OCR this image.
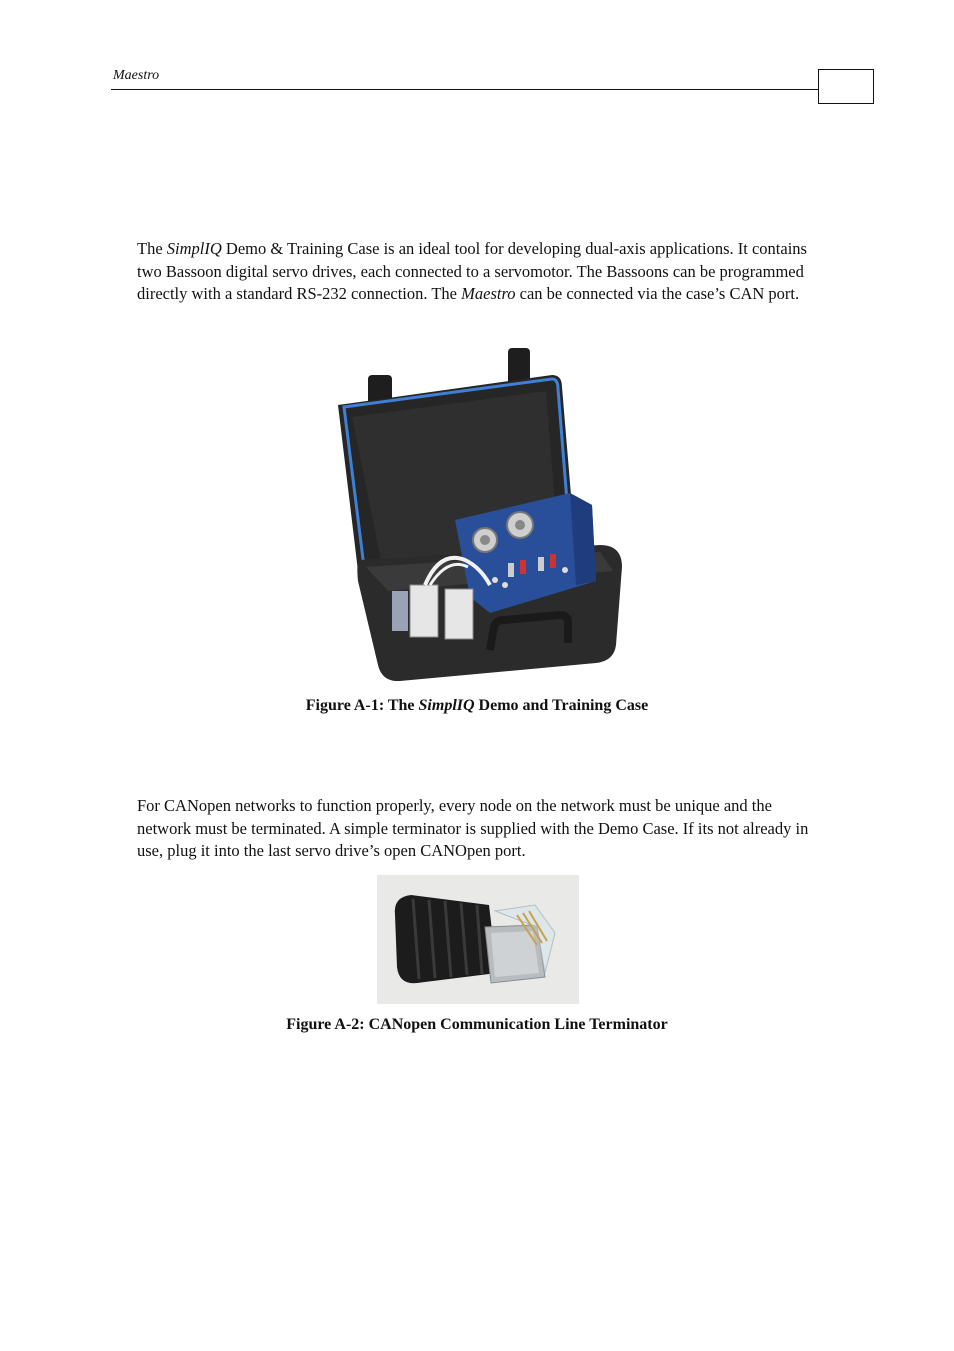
Maestro

The SimplIQ Demo & Training Case is an ideal tool for developing dual-axis applications. It contains two Bassoon digital servo drives, each connected to a servomotor. The Bassoons can be programmed directly with a standard RS-232 connection. The Maestro can be connected via the case’s CAN port.

Figure A-1: The SimplIQ Demo and Training Case

For CANopen networks to function properly, every node on the network must be unique and the network must be terminated. A simple terminator is supplied with the Demo Case. If its not already in use, plug it into the last servo drive’s open CANOpen port.

Figure A-2: CANopen Communication Line Terminator
